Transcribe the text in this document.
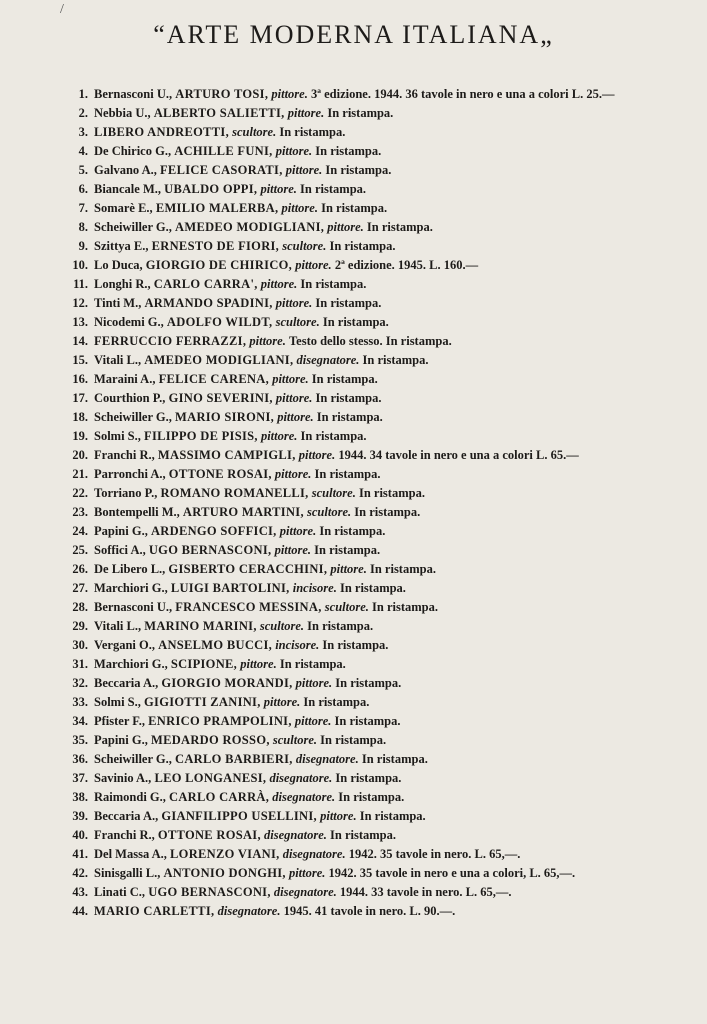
/
“ARTE MODERNA ITALIANA„
1. Bernasconi U., ARTURO TOSI, pittore. 3ª edizione. 1944. 36 tavole in nero e una a colori L. 25.—
2. Nebbia U., ALBERTO SALIETTI, pittore. In ristampa.
3. LIBERO ANDREOTTI, scultore. In ristampa.
4. De Chirico G., ACHILLE FUNI, pittore. In ristampa.
5. Galvano A., FELICE CASORATI, pittore. In ristampa.
6. Biancale M., UBALDO OPPI, pittore. In ristampa.
7. Somarè E., EMILIO MALERBA, pittore. In ristampa.
8. Scheiwiller G., AMEDEO MODIGLIANI, pittore. In ristampa.
9. Szittya E., ERNESTO DE FIORI, scultore. In ristampa.
10. Lo Duca, GIORGIO DE CHIRICO, pittore. 2ª edizione. 1945. L. 160.—
11. Longhi R., CARLO CARRA', pittore. In ristampa.
12. Tinti M., ARMANDO SPADINI, pittore. In ristampa.
13. Nicodemi G., ADOLFO WILDT, scultore. In ristampa.
14. FERRUCCIO FERRAZZI, pittore. Testo dello stesso. In ristampa.
15. Vitali L., AMEDEO MODIGLIANI, disegnatore. In ristampa.
16. Maraini A., FELICE CARENA, pittore. In ristampa.
17. Courthion P., GINO SEVERINI, pittore. In ristampa.
18. Scheiwiller G., MARIO SIRONI, pittore. In ristampa.
19. Solmi S., FILIPPO DE PISIS, pittore. In ristampa.
20. Franchi R., MASSIMO CAMPIGLI, pittore. 1944. 34 tavole in nero e una a colori L. 65.—
21. Parronchi A., OTTONE ROSAI, pittore. In ristampa.
22. Torriano P., ROMANO ROMANELLI, scultore. In ristampa.
23. Bontempelli M., ARTURO MARTINI, scultore. In ristampa.
24. Papini G., ARDENGO SOFFICI, pittore. In ristampa.
25. Soffici A., UGO BERNASCONI, pittore. In ristampa.
26. De Libero L., GISBERTO CERACCHINI, pittore. In ristampa.
27. Marchiori G., LUIGI BARTOLINI, incisore. In ristampa.
28. Bernasconi U., FRANCESCO MESSINA, scultore. In ristampa.
29. Vitali L., MARINO MARINI, scultore. In ristampa.
30. Vergani O., ANSELMO BUCCI, incisore. In ristampa.
31. Marchiori G., SCIPIONE, pittore. In ristampa.
32. Beccaria A., GIORGIO MORANDI, pittore. In ristampa.
33. Solmi S., GIGIOTTI ZANINI, pittore. In ristampa.
34. Pfister F., ENRICO PRAMPOLINI, pittore. In ristampa.
35. Papini G., MEDARDO ROSSO, scultore. In ristampa.
36. Scheiwiller G., CARLO BARBIERI, disegnatore. In ristampa.
37. Savinio A., LEO LONGANESI, disegnatore. In ristampa.
38. Raimondi G., CARLO CARRÀ, disegnatore. In ristampa.
39. Beccaria A., GIANFILIPPO USELLINI, pittore. In ristampa.
40. Franchi R., OTTONE ROSAI, disegnatore. In ristampa.
41. Del Massa A., LORENZO VIANI, disegnatore. 1942. 35 tavole in nero. L. 65,—.
42. Sinisgalli L., ANTONIO DONGHI, pittore. 1942. 35 tavole in nero e una a colori, L. 65,—.
43. Linati C., UGO BERNASCONI, disegnatore. 1944. 33 tavole in nero. L. 65,—.
44. MARIO CARLETTI, disegnatore. 1945. 41 tavole in nero. L. 90.—.
